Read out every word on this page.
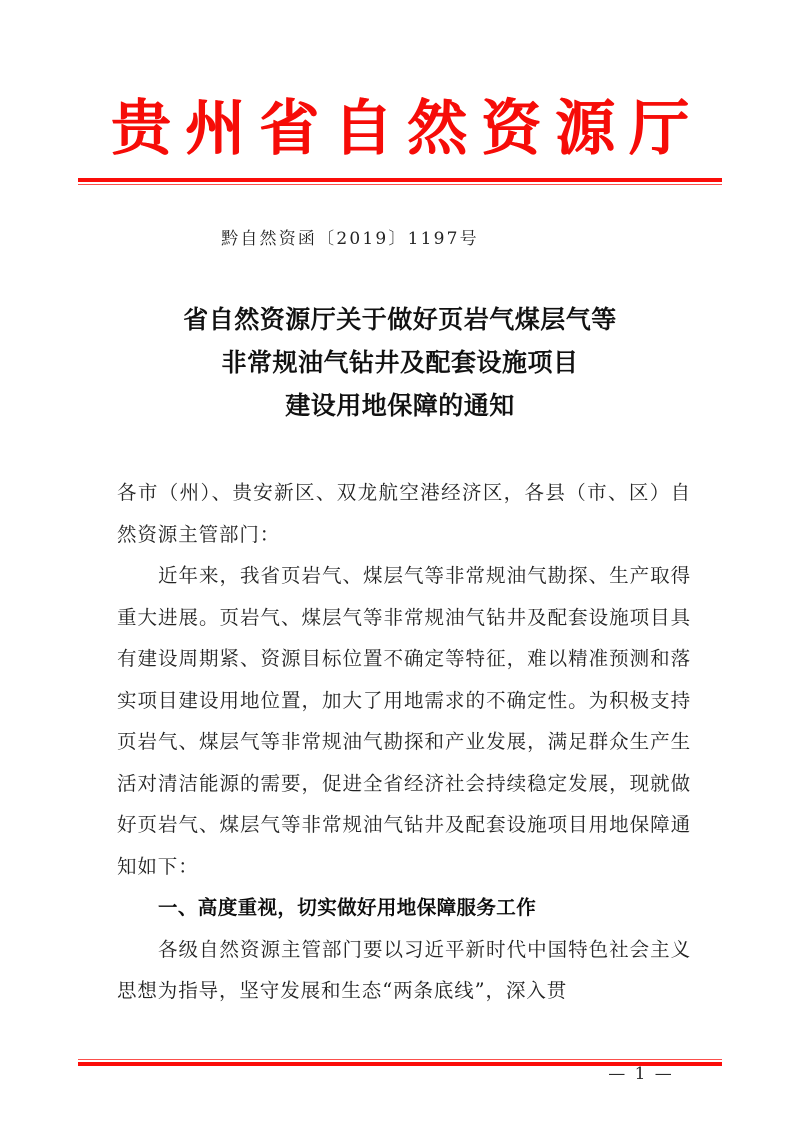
贵州省自然资源厅
黔自然资函〔2019〕1197号
省自然资源厅关于做好页岩气煤层气等
非常规油气钻井及配套设施项目
建设用地保障的通知

各市（州）、贵安新区、双龙航空港经济区，各县（市、区）自然资源主管部门：

近年来，我省页岩气、煤层气等非常规油气勘探、生产取得重大进展。页岩气、煤层气等非常规油气钻井及配套设施项目具有建设周期紧、资源目标位置不确定等特征，难以精准预测和落实项目建设用地位置，加大了用地需求的不确定性。为积极支持页岩气、煤层气等非常规油气勘探和产业发展，满足群众生产生活对清洁能源的需要，促进全省经济社会持续稳定发展，现就做好页岩气、煤层气等非常规油气钻井及配套设施项目用地保障通知如下：

一、高度重视，切实做好用地保障服务工作

各级自然资源主管部门要以习近平新时代中国特色社会主义思想为指导，坚守发展和生态“两条底线”，深入贯

— 1 —
